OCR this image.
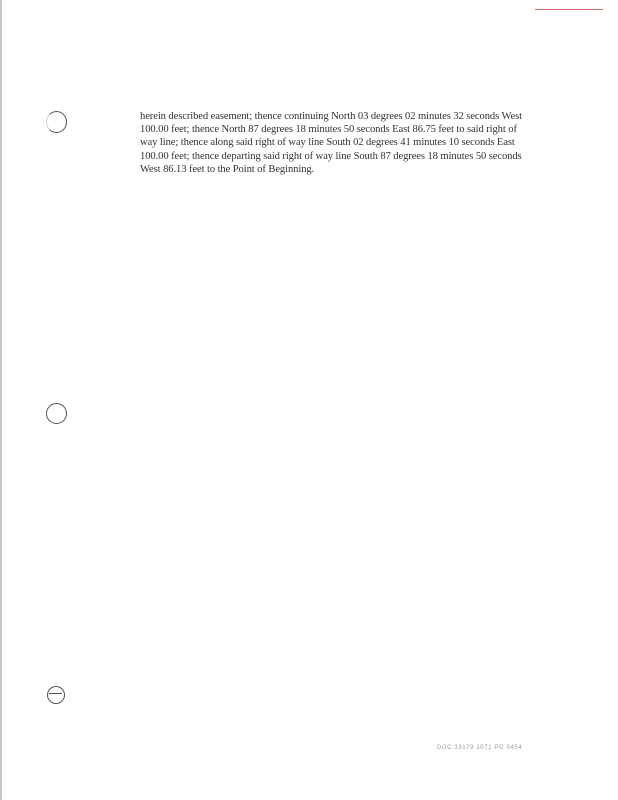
herein described easement; thence continuing North 03 degrees 02 minutes 32 seconds West 100.00 feet; thence North 87 degrees 18 minutes 50 seconds East 86.75 feet to said right of way line; thence along said right of way line South 02 degrees 41 minutes 10 seconds East 100.00 feet; thence departing said right of way line South 87 degrees 18 minutes 50 seconds West 86.13 feet to the Point of Beginning.

DOC 33179 1071 PG 0454
